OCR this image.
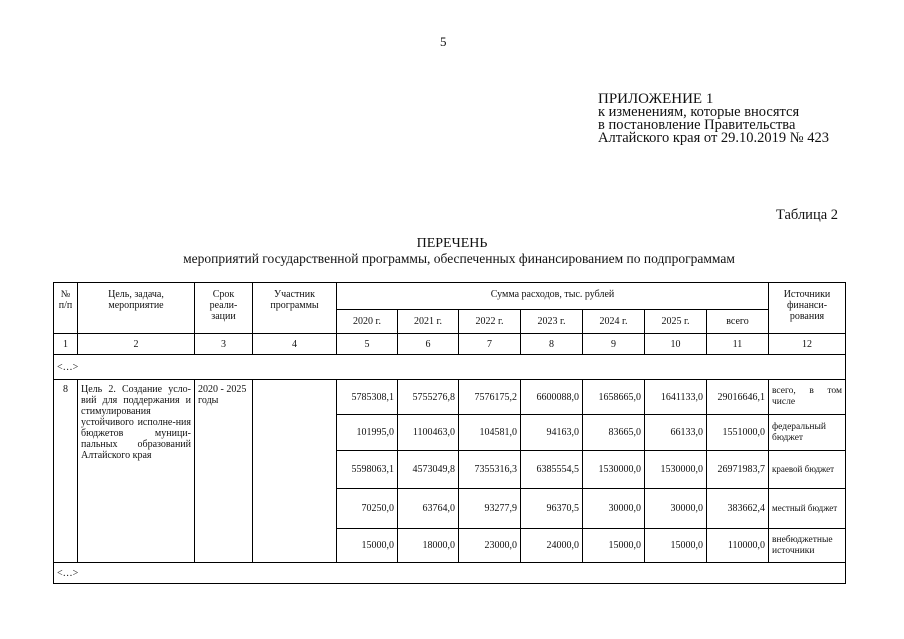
5
ПРИЛОЖЕНИЕ 1
к изменениям, которые вносятся
в постановление Правительства
Алтайского края от 29.10.2019 № 423
Таблица 2
ПЕРЕЧЕНЬ
мероприятий государственной программы, обеспеченных финансированием по подпрограммам
№ п/п	Цель, задача, мероприятие	Срок реали-зации	Участник программы	Сумма расходов, тыс. рублей							Источники финанси-рования
				2020 г.	2021 г.	2022 г.	2023 г.	2024 г.	2025 г.	всего	
1	2	3	4	5	6	7	8	9	10	11	12
<…>											
8	Цель 2. Создание усло-вий для поддержания и стимулирования устойчивого исполне-ния бюджетов муници-пальных образований Алтайского края	2020 - 2025 годы		5785308,1	5755276,8	7576175,2	6600088,0	1658665,0	1641133,0	29016646,1	всего, в том
числе

				101995,0	1100463,0	104581,0	94163,0	83665,0	66133,0	1551000,0	федеральный бюджет
				5598063,1	4573049,8	7355316,3	6385554,5	1530000,0	1530000,0	26971983,7	краевой бюджет
				70250,0	63764,0	93277,9	96370,5	30000,0	30000,0	383662,4	местный бюджет
				15000,0	18000,0	23000,0	24000,0	15000,0	15000,0	110000,0	внебюджетные источники
<…>											
